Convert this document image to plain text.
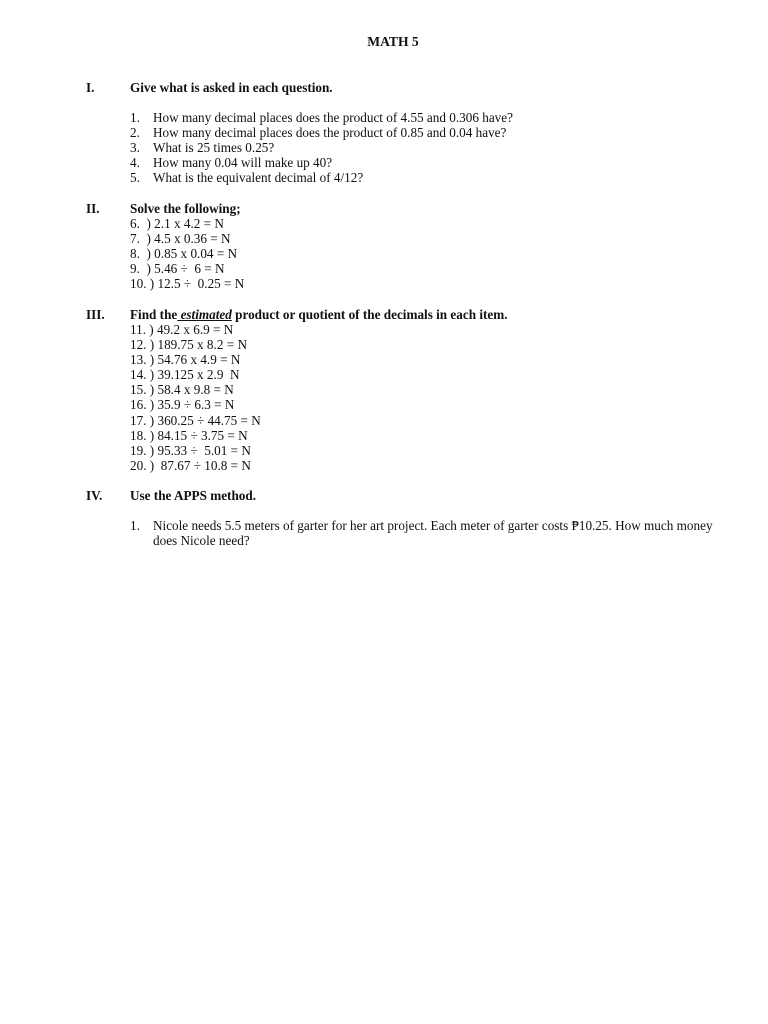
MATH 5
I.	Give what is asked in each question.
1. How many decimal places does the product of 4.55 and 0.306 have?
2. How many decimal places does the product of 0.85 and 0.04 have?
3. What is 25 times 0.25?
4. How many 0.04 will make up 40?
5. What is the equivalent decimal of 4/12?
II. Solve the following;
6.  ) 2.1 x 4.2 = N
7.  ) 4.5 x 0.36 = N
8.  ) 0.85 x 0.04 = N
9.  ) 5.46 ÷  6 = N
10. ) 12.5 ÷  0.25 = N
III. Find the estimated product or quotient of the decimals in each item.
11. ) 49.2 x 6.9 = N
12. ) 189.75 x 8.2 = N
13. ) 54.76 x 4.9 = N
14. ) 39.125 x 2.9  N
15. ) 58.4 x 9.8 = N
16. ) 35.9 ÷ 6.3 = N
17. ) 360.25 ÷ 44.75 = N
18. ) 84.15 ÷ 3.75 = N
19. ) 95.33 ÷  5.01 = N
20. )  87.67 ÷ 10.8 = N
IV. Use the APPS method.
1. Nicole needs 5.5 meters of garter for her art project. Each meter of garter costs ₱10.25. How much money does Nicole need?
